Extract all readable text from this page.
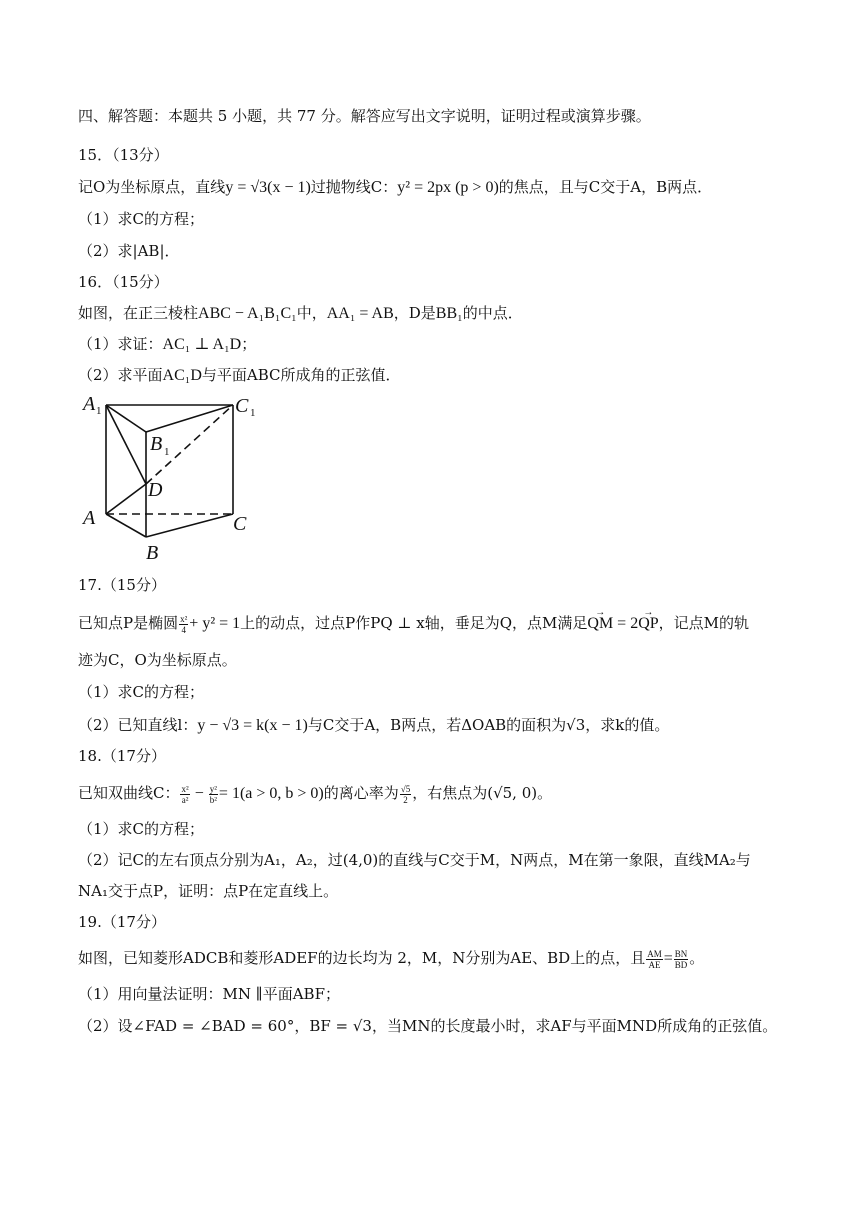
四、解答题：本题共 5 小题，共 77 分。解答应写出文字说明，证明过程或演算步骤。
15．（13分）
记O为坐标原点，直线y = √3(x − 1)过抛物线C：y² = 2px (p > 0)的焦点，且与C交于A，B两点．
（1）求C的方程；
（2）求|AB|．
16．（15分）
如图，在正三棱柱ABC − A₁B₁C₁中，AA₁ = AB，D是BB₁的中点．
（1）求证：AC₁ ⊥ A₁D；
（2）求平面AC₁D与平面ABC所成角的正弦值．
A 1	C 1
B 1
D
A	C
B
17.（15分）
已知点P是椭圆 $\frac{\text{x²}}{4} + y^2 = 1$上的动点，过点P作PQ ⊥ x轴，垂足为Q，点M满足→ QM = 2→ QP，记点M的轨
迹为C，O为坐标原点。
（1）求C的方程；
（2）已知直线l：y − √3 = k(x − 1)与C交于A，B两点，若ΔOAB的面积为√3，求k的值。
18.（17分）
已知双曲线C： $\frac{\text{x²}}{\text{a²}} - \frac{\text{y²}}{\text{b²}} = 1(a > 0$, b > 0)的离心率为 $\frac{√5}{2}$ ，右焦点为(√5, 0)。
（1）求C的方程；
（2）记C的左右顶点分别为A₁，A₂，过(4,0)的直线与C交于M，N两点，M在第一象限，直线MA₂与
NA₁交于点P，证明：点P在定直线上。
19.（17分）
如图，已知菱形ADCB和菱形ADEF的边长均为 2，M，N分别为AE、BD上的点，且 $\frac{AM}{AE} = \frac{BN}{BD}$ 。
（1）用向量法证明：MN ∥平面ABF；
（2）设∠FAD = ∠BAD = 60°，BF = √3，当MN的长度最小时，求AF与平面MND所成角的正弦值。
